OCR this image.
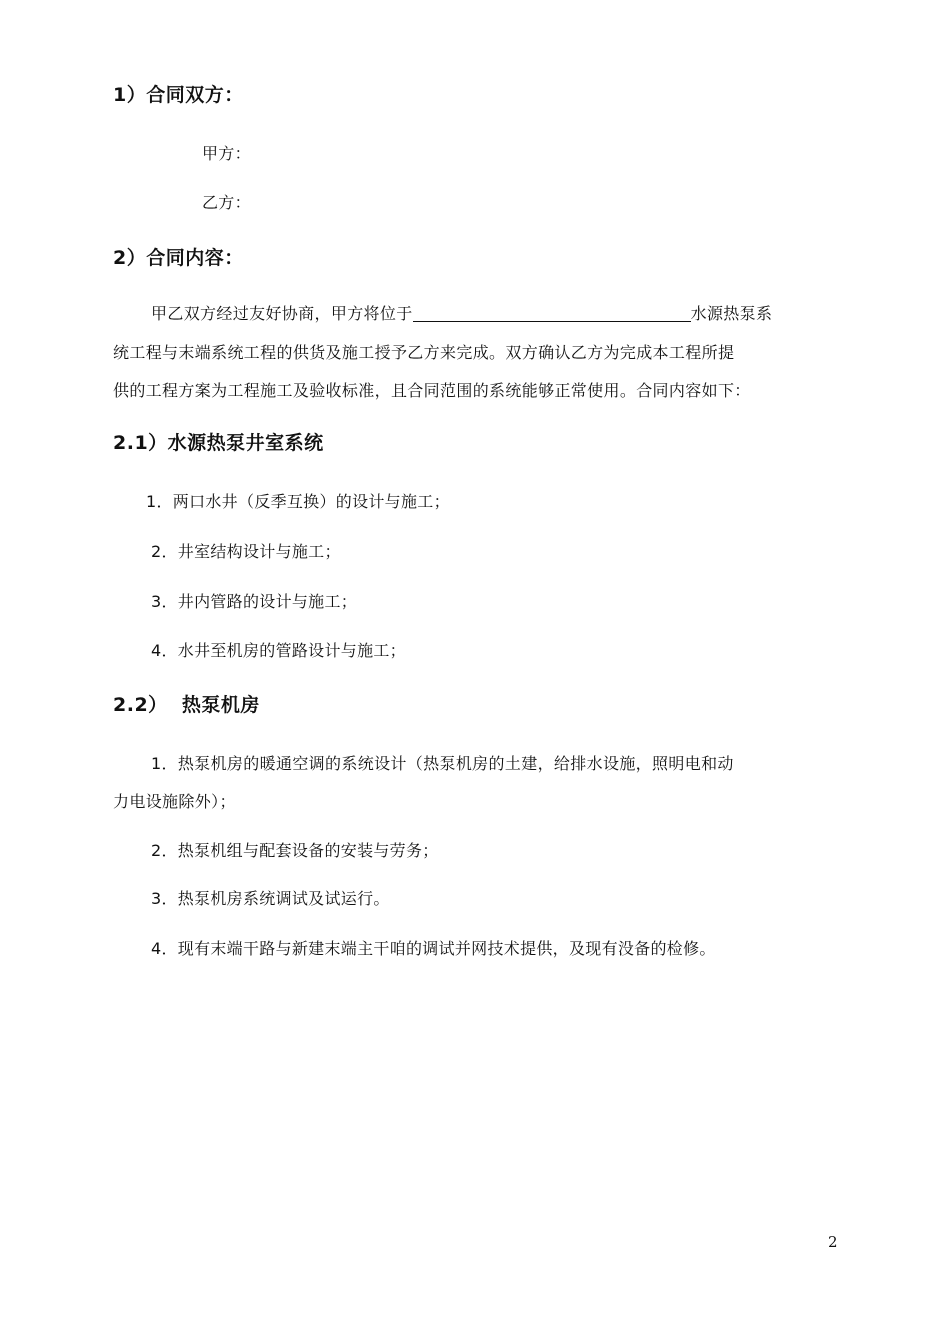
1）合同双方：
甲方：
乙方：
2）合同内容：
甲乙双方经过友好协商，甲方将位于	水源热泵系
统工程与末端系统工程的供货及施工授予乙方来完成。双方确认乙方为完成本工程所提
供的工程方案为工程施工及验收标准，且合同范围的系统能够正常使用。合同内容如下：
2.1）水源热泵井室系统
1．两口水井（反季互换）的设计与施工；
2．井室结构设计与施工；
3．井内管路的设计与施工；
4．水井至机房的管路设计与施工；
2.2）  热泵机房
1．热泵机房的暖通空调的系统设计（热泵机房的土建，给排水设施，照明电和动
力电设施除外）；
2．热泵机组与配套设备的安装与劳务；
3．热泵机房系统调试及试运行。
4．现有末端干路与新建末端主干咱的调试并网技术提供，及现有没备的检修。
2
